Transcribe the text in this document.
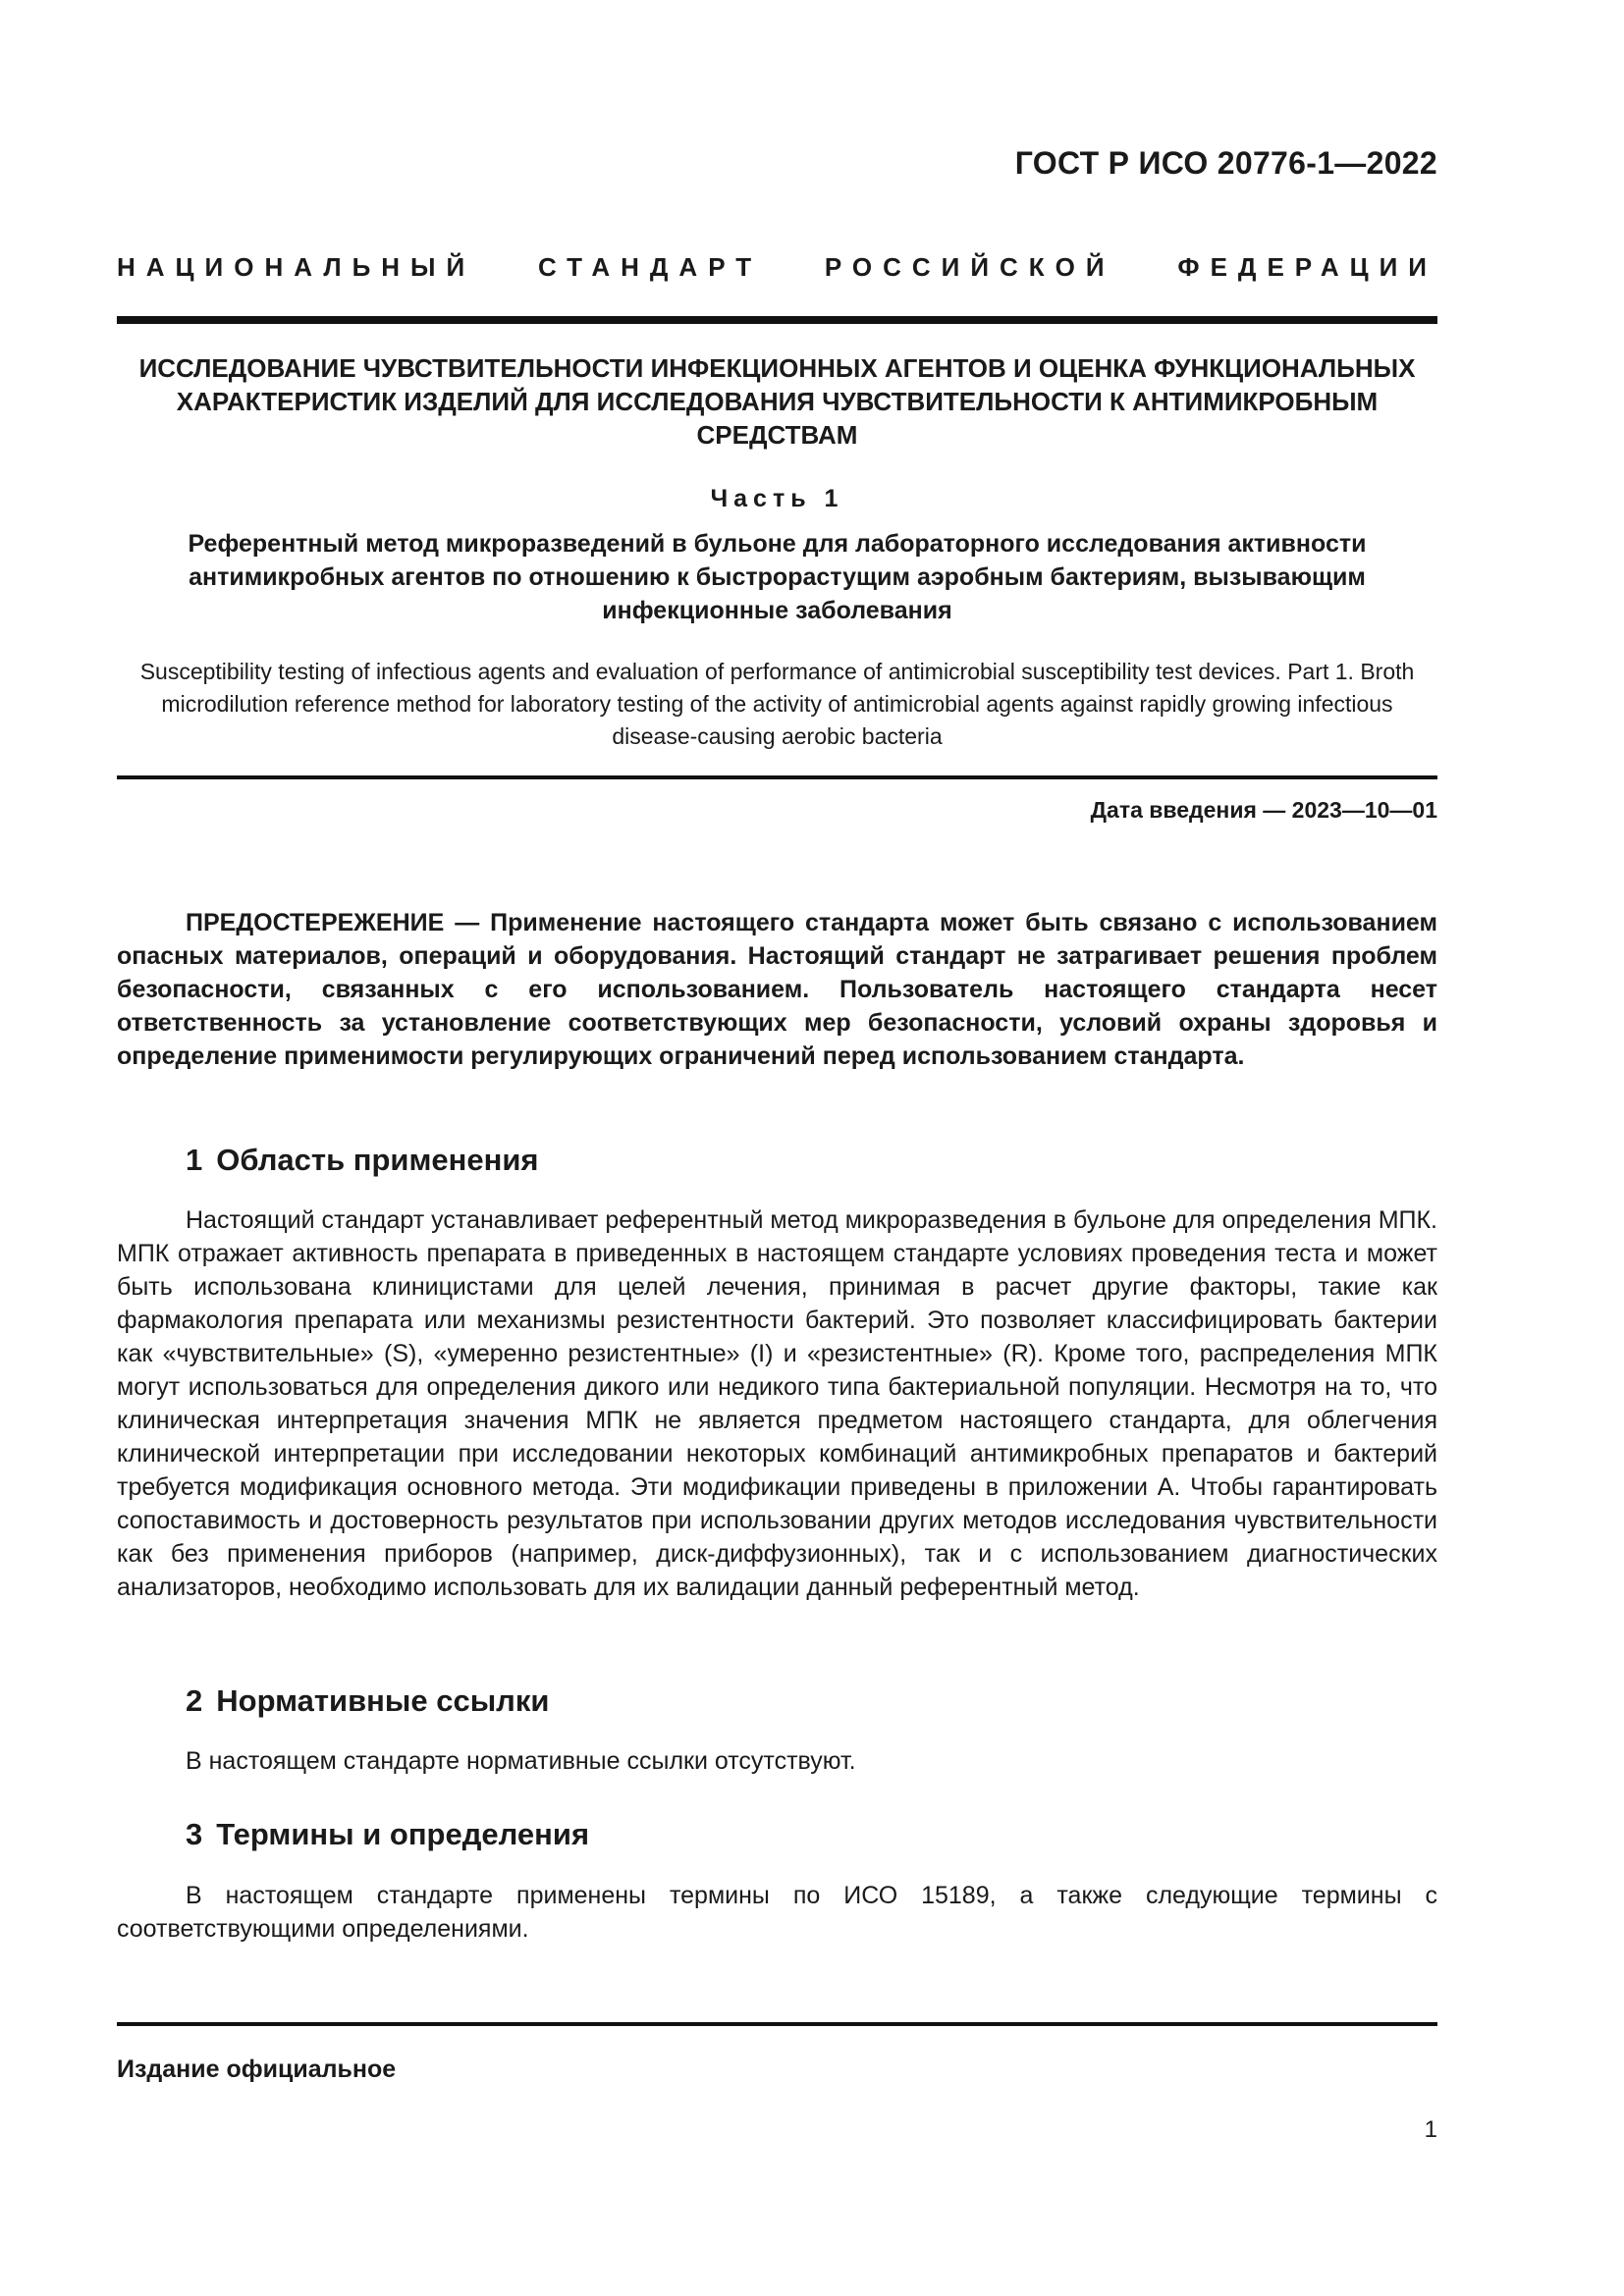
ГОСТ Р ИСО 20776-1—2022
НАЦИОНАЛЬНЫЙ СТАНДАРТ РОССИЙСКОЙ ФЕДЕРАЦИИ
ИССЛЕДОВАНИЕ ЧУВСТВИТЕЛЬНОСТИ ИНФЕКЦИОННЫХ АГЕНТОВ И ОЦЕНКА ФУНКЦИОНАЛЬНЫХ ХАРАКТЕРИСТИК ИЗДЕЛИЙ ДЛЯ ИССЛЕДОВАНИЯ ЧУВСТВИТЕЛЬНОСТИ К АНТИМИКРОБНЫМ СРЕДСТВАМ
Часть 1
Референтный метод микроразведений в бульоне для лабораторного исследования активности антимикробных агентов по отношению к быстрорастущим аэробным бактериям, вызывающим инфекционные заболевания
Susceptibility testing of infectious agents and evaluation of performance of antimicrobial susceptibility test devices. Part 1. Broth microdilution reference method for laboratory testing of the activity of antimicrobial agents against rapidly growing infectious disease-causing aerobic bacteria
Дата введения — 2023—10—01
ПРЕДОСТЕРЕЖЕНИЕ — Применение настоящего стандарта может быть связано с использованием опасных материалов, операций и оборудования. Настоящий стандарт не затрагивает решения проблем безопасности, связанных с его использованием. Пользователь настоящего стандарта несет ответственность за установление соответствующих мер безопасности, условий охраны здоровья и определение применимости регулирующих ограничений перед использованием стандарта.
1 Область применения
Настоящий стандарт устанавливает референтный метод микроразведения в бульоне для определения МПК. МПК отражает активность препарата в приведенных в настоящем стандарте условиях проведения теста и может быть использована клиницистами для целей лечения, принимая в расчет другие факторы, такие как фармакология препарата или механизмы резистентности бактерий. Это позволяет классифицировать бактерии как «чувствительные» (S), «умеренно резистентные» (I) и «резистентные» (R). Кроме того, распределения МПК могут использоваться для определения дикого или недикого типа бактериальной популяции. Несмотря на то, что клиническая интерпретация значения МПК не является предметом настоящего стандарта, для облегчения клинической интерпретации при исследовании некоторых комбинаций антимикробных препаратов и бактерий требуется модификация основного метода. Эти модификации приведены в приложении А. Чтобы гарантировать сопоставимость и достоверность результатов при использовании других методов исследования чувствительности как без применения приборов (например, диск-диффузионных), так и с использованием диагностических анализаторов, необходимо использовать для их валидации данный референтный метод.
2 Нормативные ссылки
В настоящем стандарте нормативные ссылки отсутствуют.
3 Термины и определения
В настоящем стандарте применены термины по ИСО 15189, а также следующие термины с соответствующими определениями.
Издание официальное
1
